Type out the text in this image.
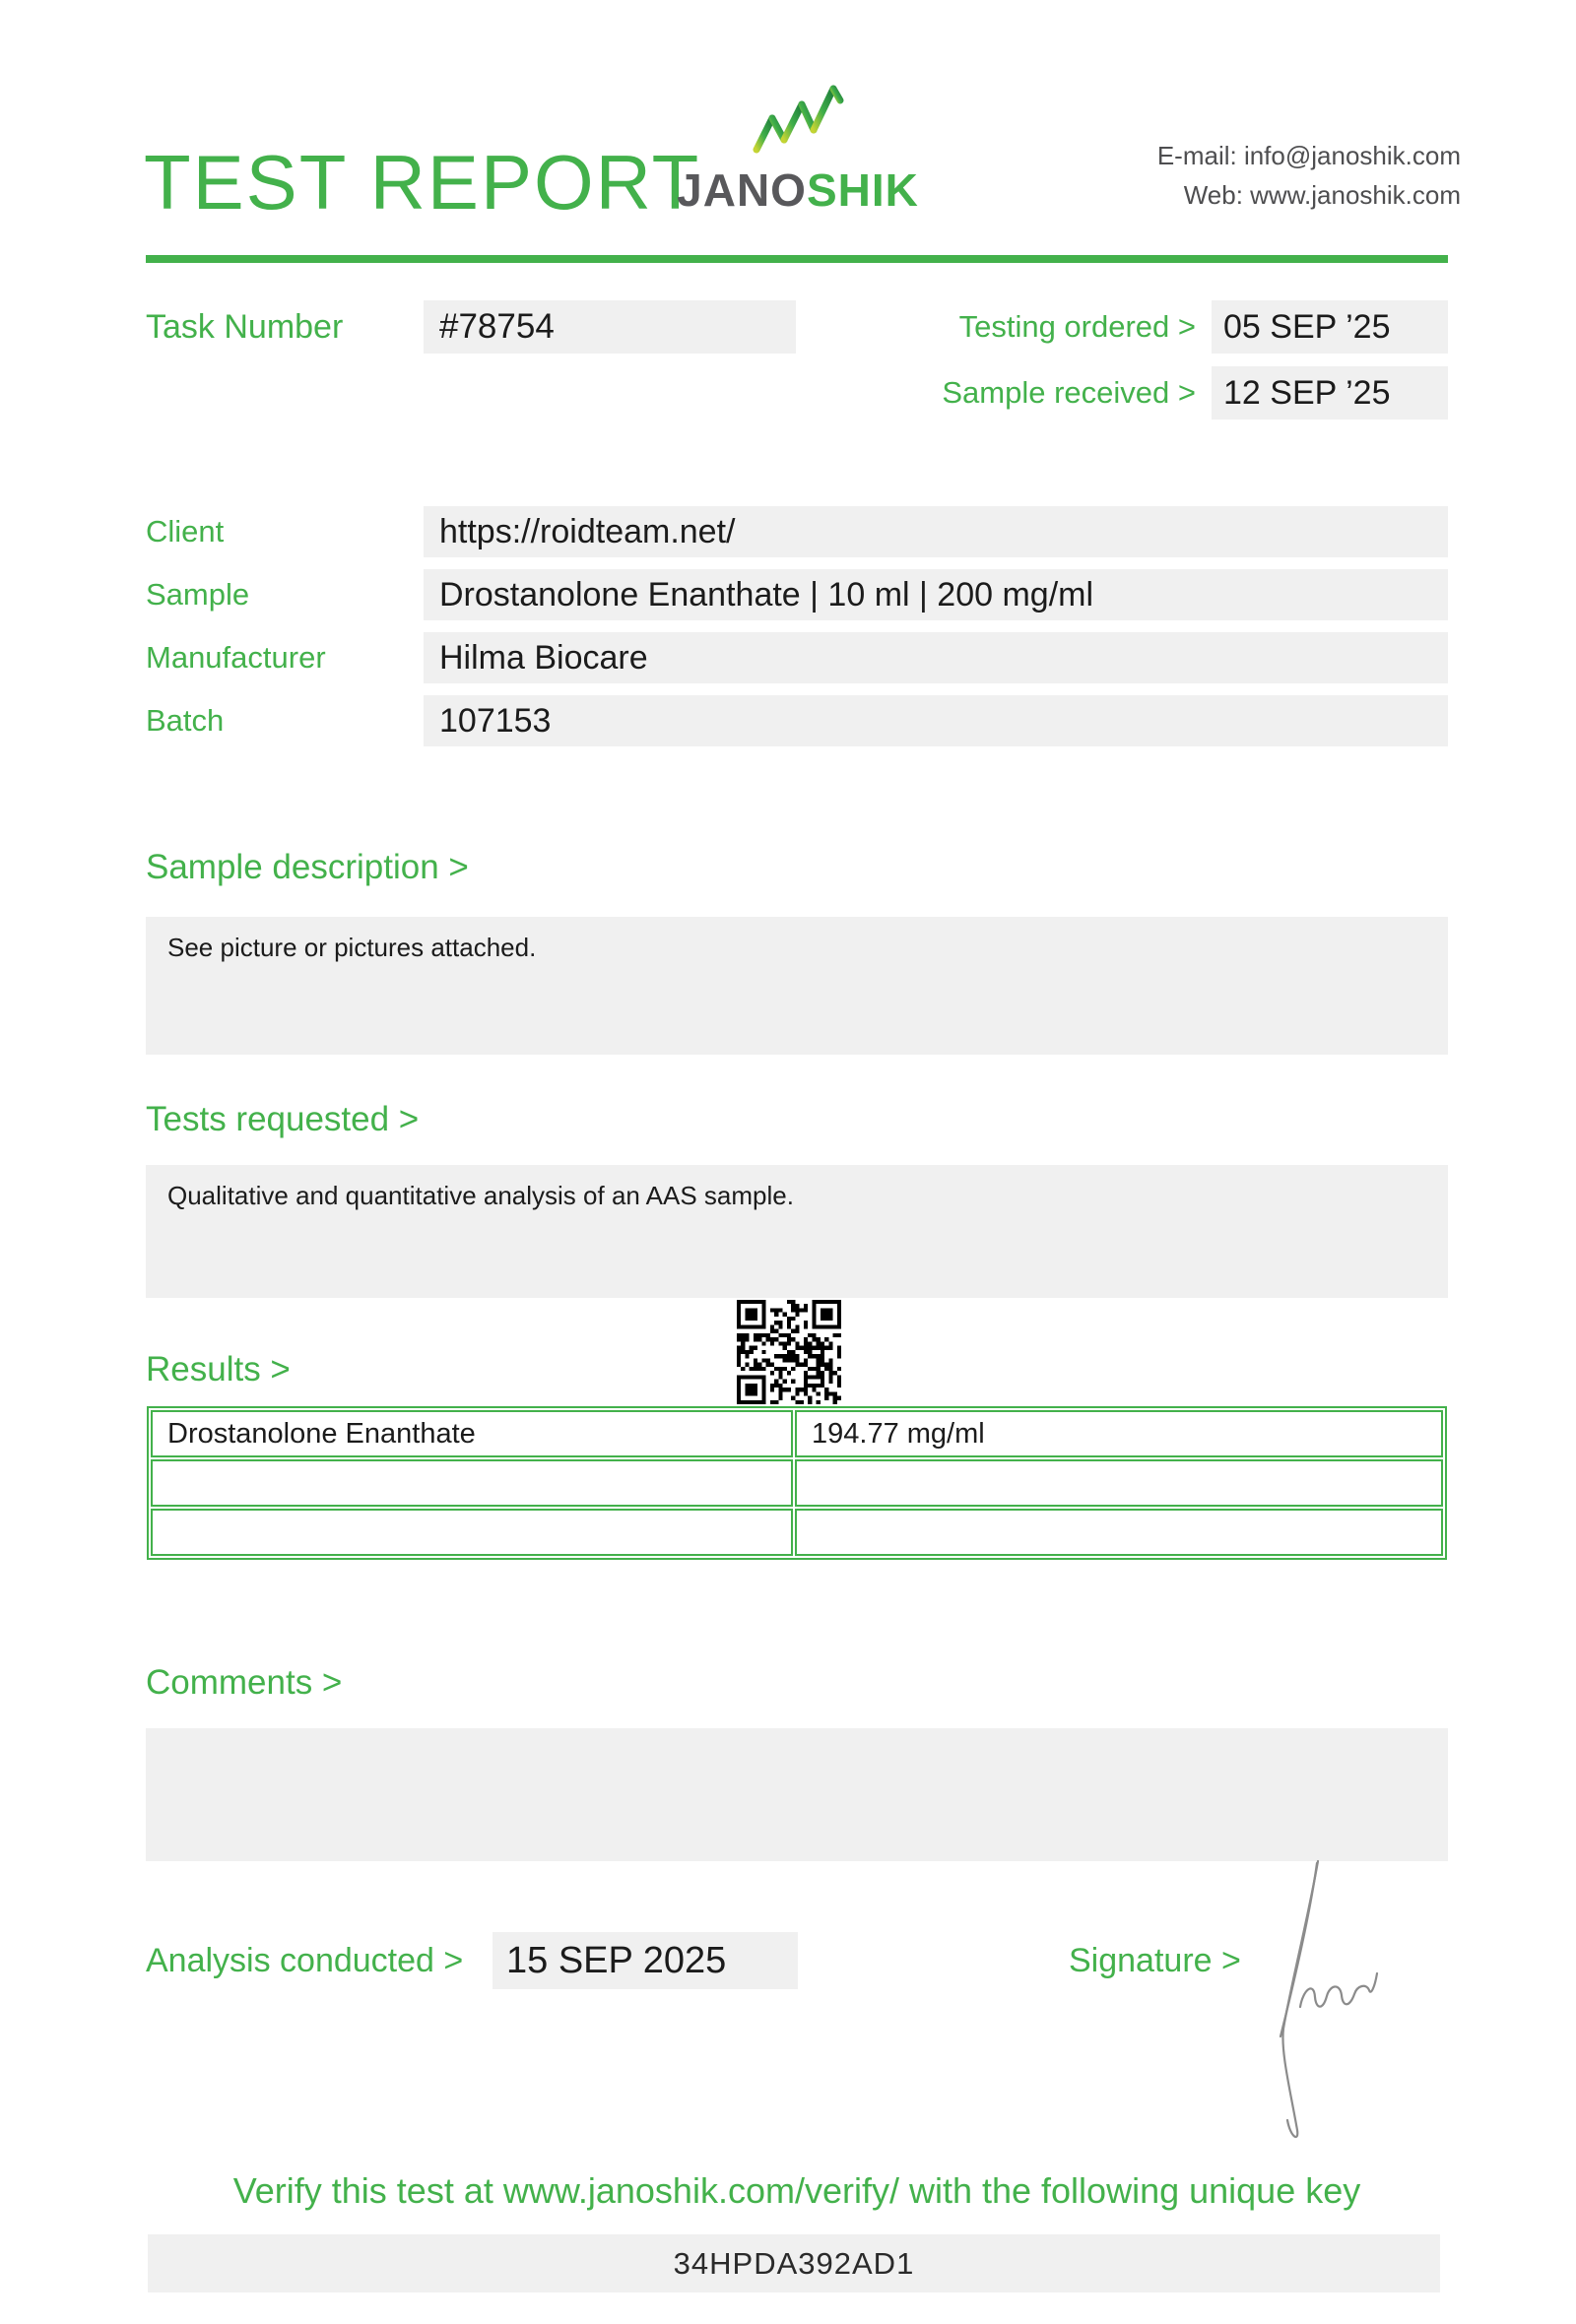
TEST REPORT
JANOSHIK
E-mail: info@janoshik.com
Web: www.janoshik.com
Task Number	#78754	Testing ordered > 05 SEP ’25
Sample received > 12 SEP ’25
Client	https://roidteam.net/
Sample	Drostanolone Enanthate | 10 ml | 200 mg/ml
Manufacturer	Hilma Biocare
Batch	107153
Sample description >
See picture or pictures attached.
Tests requested >
Qualitative and quantitative analysis of an AAS sample.
Results >
Drostanolone Enanthate	194.77 mg/ml

Comments >
Analysis conducted >	15 SEP 2025	Signature >
Verify this test at www.janoshik.com/verify/ with the following unique key
34HPDA392AD1
